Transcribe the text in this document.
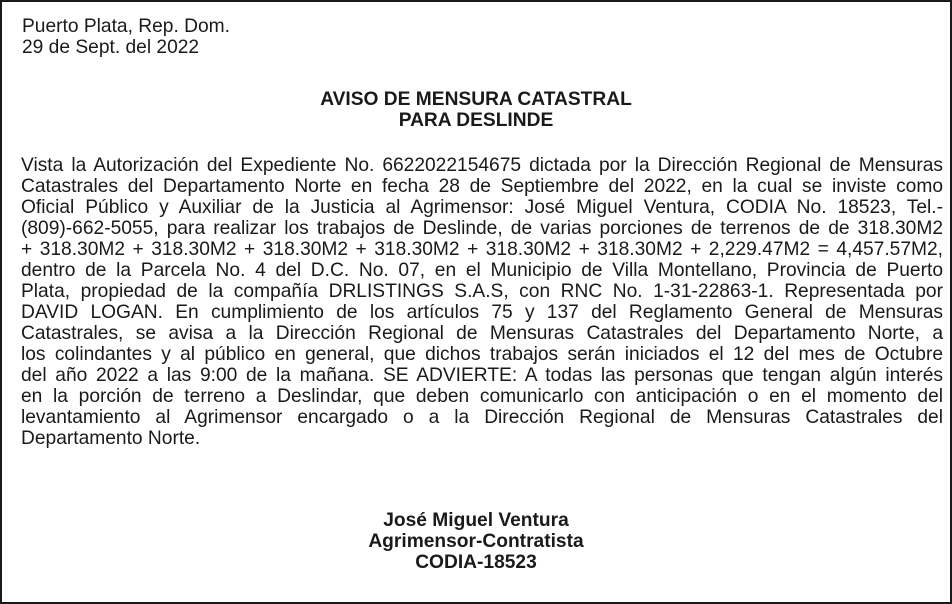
Puerto Plata, Rep. Dom.
29 de Sept. del 2022
AVISO DE MENSURA CATASTRAL
PARA DESLINDE
Vista la Autorización del Expediente No. 6622022154675 dictada por la Dirección Regional de Mensuras
Catastrales del Departamento Norte en fecha 28 de Septiembre del 2022, en la cual se inviste como
Oficial Público y Auxiliar de la Justicia al Agrimensor: José Miguel Ventura, CODIA No. 18523, Tel.-
(809)-662-5055, para realizar los trabajos de Deslinde, de varias porciones de terrenos de de 318.30M2
+ 318.30M2 + 318.30M2 + 318.30M2 + 318.30M2 + 318.30M2 + 318.30M2 + 2,229.47M2 = 4,457.57M2,
dentro de la Parcela No. 4 del D.C. No. 07, en el Municipio de Villa Montellano, Provincia de Puerto
Plata, propiedad de la compañía DRLISTINGS S.A.S, con RNC No. 1-31-22863-1. Representada por
DAVID LOGAN. En cumplimiento de los artículos 75 y 137 del Reglamento General de Mensuras
Catastrales, se avisa a la Dirección Regional de Mensuras Catastrales del Departamento Norte, a
los colindantes y al público en general, que dichos trabajos serán iniciados el 12 del mes de Octubre
del año 2022 a las 9:00 de la mañana. SE ADVIERTE: A todas las personas que tengan algún interés
en la porción de terreno a Deslindar, que deben comunicarlo con anticipación o en el momento del
levantamiento al Agrimensor encargado o a la Dirección Regional de Mensuras Catastrales del
Departamento Norte.
José Miguel Ventura
Agrimensor-Contratista
CODIA-18523
